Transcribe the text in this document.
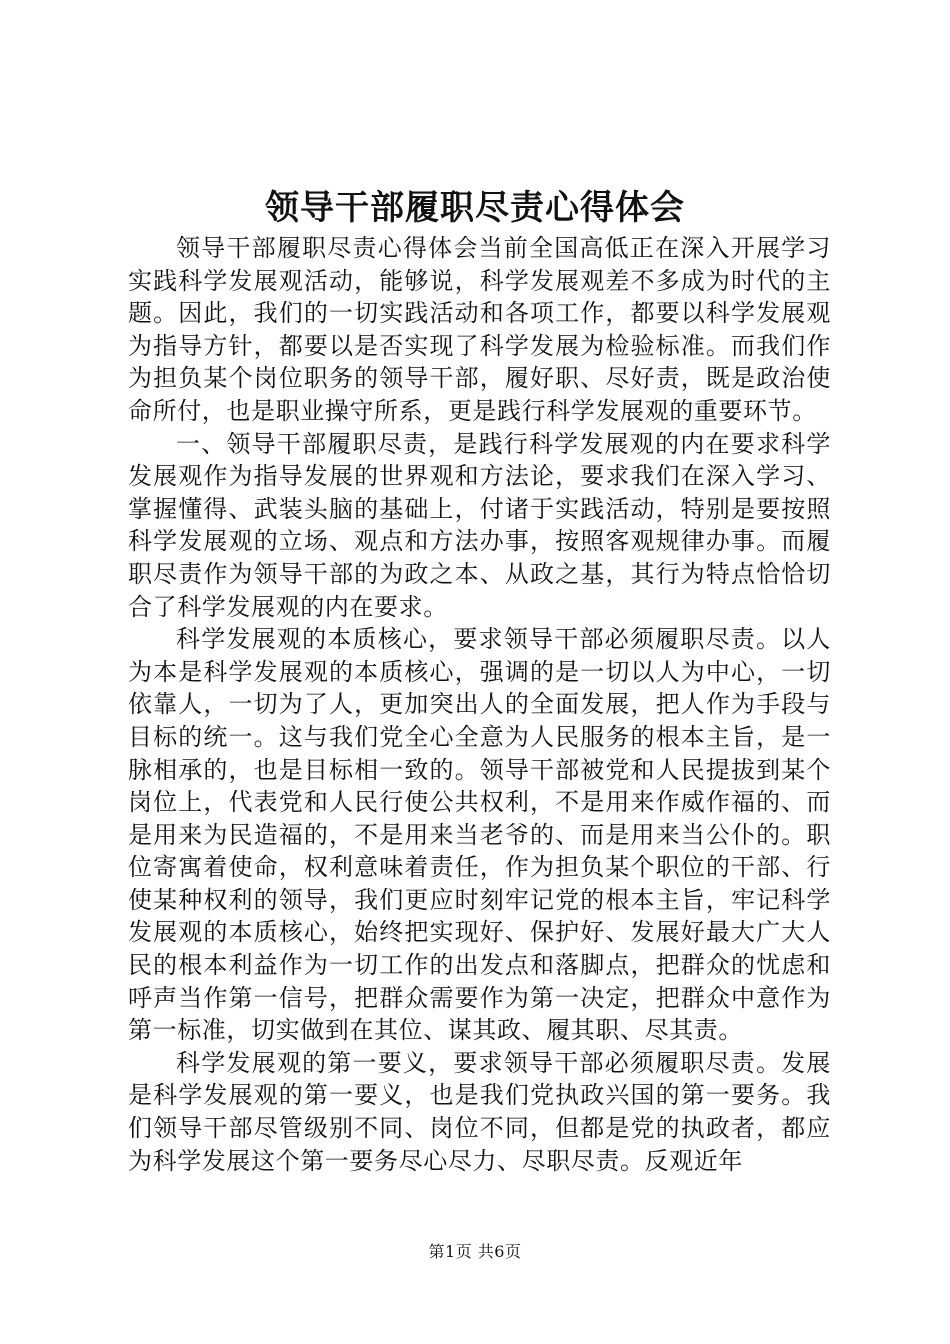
领导干部履职尽责心得体会

领导干部履职尽责心得体会当前全国高低正在深入开展学习实践科学发展观活动，能够说，科学发展观差不多成为时代的主题。因此，我们的一切实践活动和各项工作，都要以科学发展观为指导方针，都要以是否实现了科学发展为检验标准。而我们作为担负某个岗位职务的领导干部，履好职、尽好责，既是政治使命所付，也是职业操守所系，更是践行科学发展观的重要环节。

一、领导干部履职尽责，是践行科学发展观的内在要求科学发展观作为指导发展的世界观和方法论，要求我们在深入学习、掌握懂得、武装头脑的基础上，付诸于实践活动，特别是要按照科学发展观的立场、观点和方法办事，按照客观规律办事。而履职尽责作为领导干部的为政之本、从政之基，其行为特点恰恰切合了科学发展观的内在要求。

科学发展观的本质核心，要求领导干部必须履职尽责。以人为本是科学发展观的本质核心，强调的是一切以人为中心，一切依靠人，一切为了人，更加突出人的全面发展，把人作为手段与目标的统一。这与我们党全心全意为人民服务的根本主旨，是一脉相承的，也是目标相一致的。领导干部被党和人民提拔到某个岗位上，代表党和人民行使公共权利，不是用来作威作福的、而是用来为民造福的，不是用来当老爷的、而是用来当公仆的。职位寄寓着使命，权利意味着责任，作为担负某个职位的干部、行使某种权利的领导，我们更应时刻牢记党的根本主旨，牢记科学发展观的本质核心，始终把实现好、保护好、发展好最大广大人民的根本利益作为一切工作的出发点和落脚点，把群众的忧虑和呼声当作第一信号，把群众需要作为第一决定，把群众中意作为第一标准，切实做到在其位、谋其政、履其职、尽其责。

科学发展观的第一要义，要求领导干部必须履职尽责。发展是科学发展观的第一要义，也是我们党执政兴国的第一要务。我们领导干部尽管级别不同、岗位不同，但都是党的执政者，都应为科学发展这个第一要务尽心尽力、尽职尽责。反观近年

第1页 共6页
